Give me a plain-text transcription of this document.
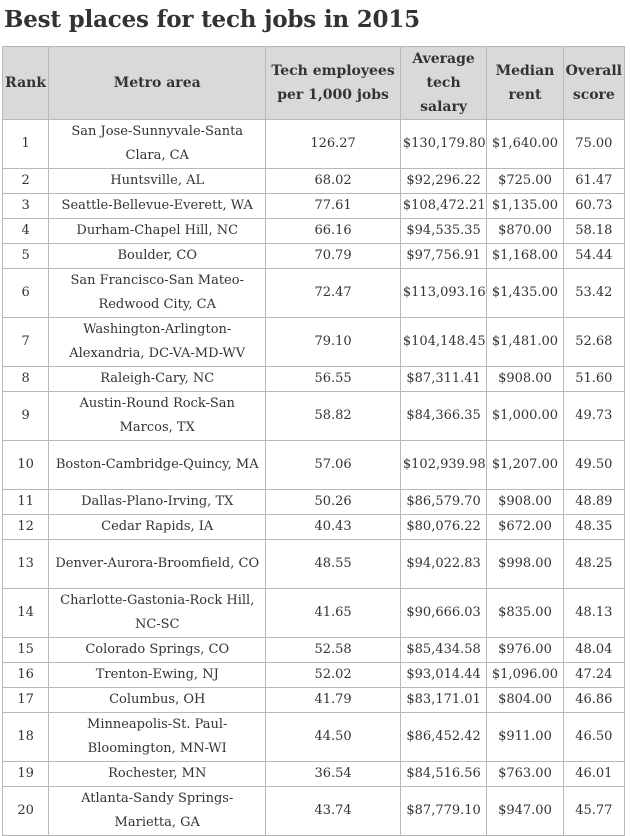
Best places for tech jobs in 2015
Rank	Metro area	Tech employees per 1,000 jobs	Average tech salary	Median rent	Overall score
1	San Jose-Sunnyvale-Santa Clara, CA	126.27	$130,179.80	$1,640.00	75.00
2	Huntsville, AL	68.02	$92,296.22	$725.00	61.47
3	Seattle-Bellevue-Everett, WA	77.61	$108,472.21	$1,135.00	60.73
4	Durham-Chapel Hill, NC	66.16	$94,535.35	$870.00	58.18
5	Boulder, CO	70.79	$97,756.91	$1,168.00	54.44
6	San Francisco-San Mateo-Redwood City, CA	72.47	$113,093.16	$1,435.00	53.42
7	Washington-Arlington-Alexandria, DC-VA-MD-WV	79.10	$104,148.45	$1,481.00	52.68
8	Raleigh-Cary, NC	56.55	$87,311.41	$908.00	51.60
9	Austin-Round Rock-San Marcos, TX	58.82	$84,366.35	$1,000.00	49.73
10	Boston-Cambridge-Quincy, MA	57.06	$102,939.98	$1,207.00	49.50
11	Dallas-Plano-Irving, TX	50.26	$86,579.70	$908.00	48.89
12	Cedar Rapids, IA	40.43	$80,076.22	$672.00	48.35
13	Denver-Aurora-Broomfield, CO	48.55	$94,022.83	$998.00	48.25
14	Charlotte-Gastonia-Rock Hill, NC-SC	41.65	$90,666.03	$835.00	48.13
15	Colorado Springs, CO	52.58	$85,434.58	$976.00	48.04
16	Trenton-Ewing, NJ	52.02	$93,014.44	$1,096.00	47.24
17	Columbus, OH	41.79	$83,171.01	$804.00	46.86
18	Minneapolis-St. Paul-Bloomington, MN-WI	44.50	$86,452.42	$911.00	46.50
19	Rochester, MN	36.54	$84,516.56	$763.00	46.01
20	Atlanta-Sandy Springs-Marietta, GA	43.74	$87,779.10	$947.00	45.77
